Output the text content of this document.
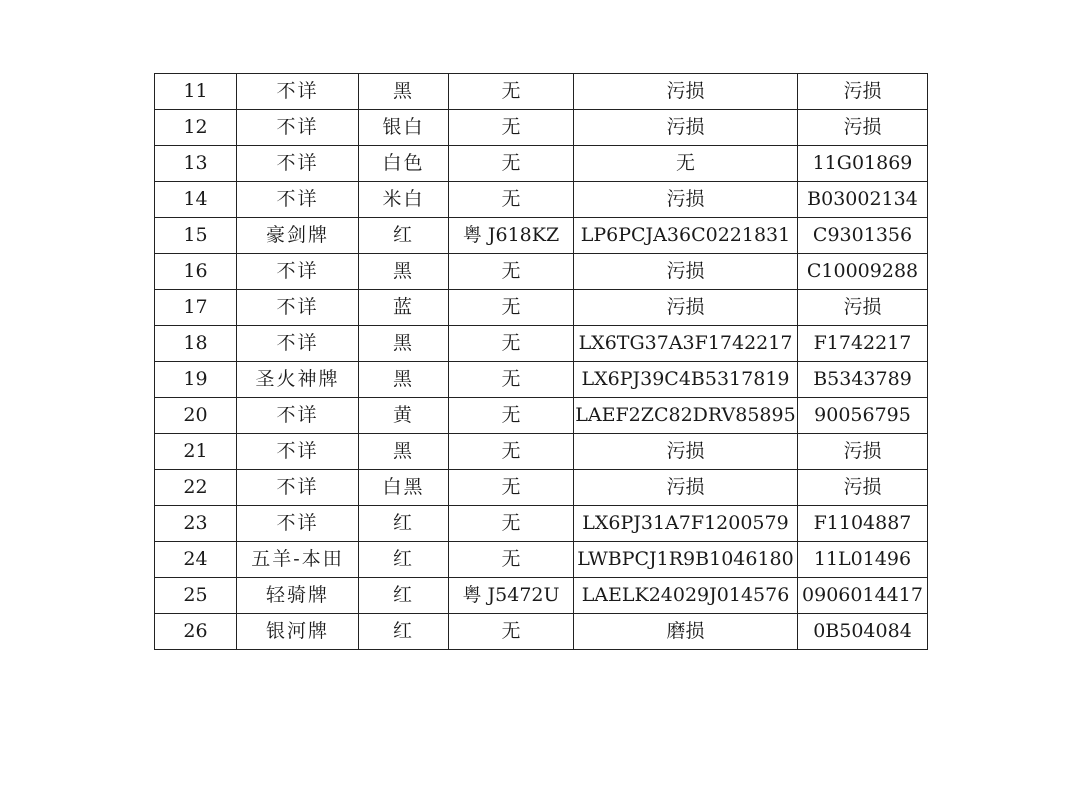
11	不详	黑	无	污损	污损
12	不详	银白	无	污损	污损
13	不详	白色	无	无	11G01869
14	不详	米白	无	污损	B03002134
15	豪剑牌	红	粤 J618KZ	LP6PCJA36C0221831	C9301356
16	不详	黑	无	污损	C10009288
17	不详	蓝	无	污损	污损
18	不详	黑	无	LX6TG37A3F1742217	F1742217
19	圣火神牌	黑	无	LX6PJ39C4B5317819	B5343789
20	不详	黄	无	LAEF2ZC82DRV85895	90056795
21	不详	黑	无	污损	污损
22	不详	白黑	无	污损	污损
23	不详	红	无	LX6PJ31A7F1200579	F1104887
24	五羊-本田	红	无	LWBPCJ1R9B1046180	11L01496
25	轻骑牌	红	粤 J5472U	LAELK24029J014576	0906014417
26	银河牌	红	无	磨损	0B504084
